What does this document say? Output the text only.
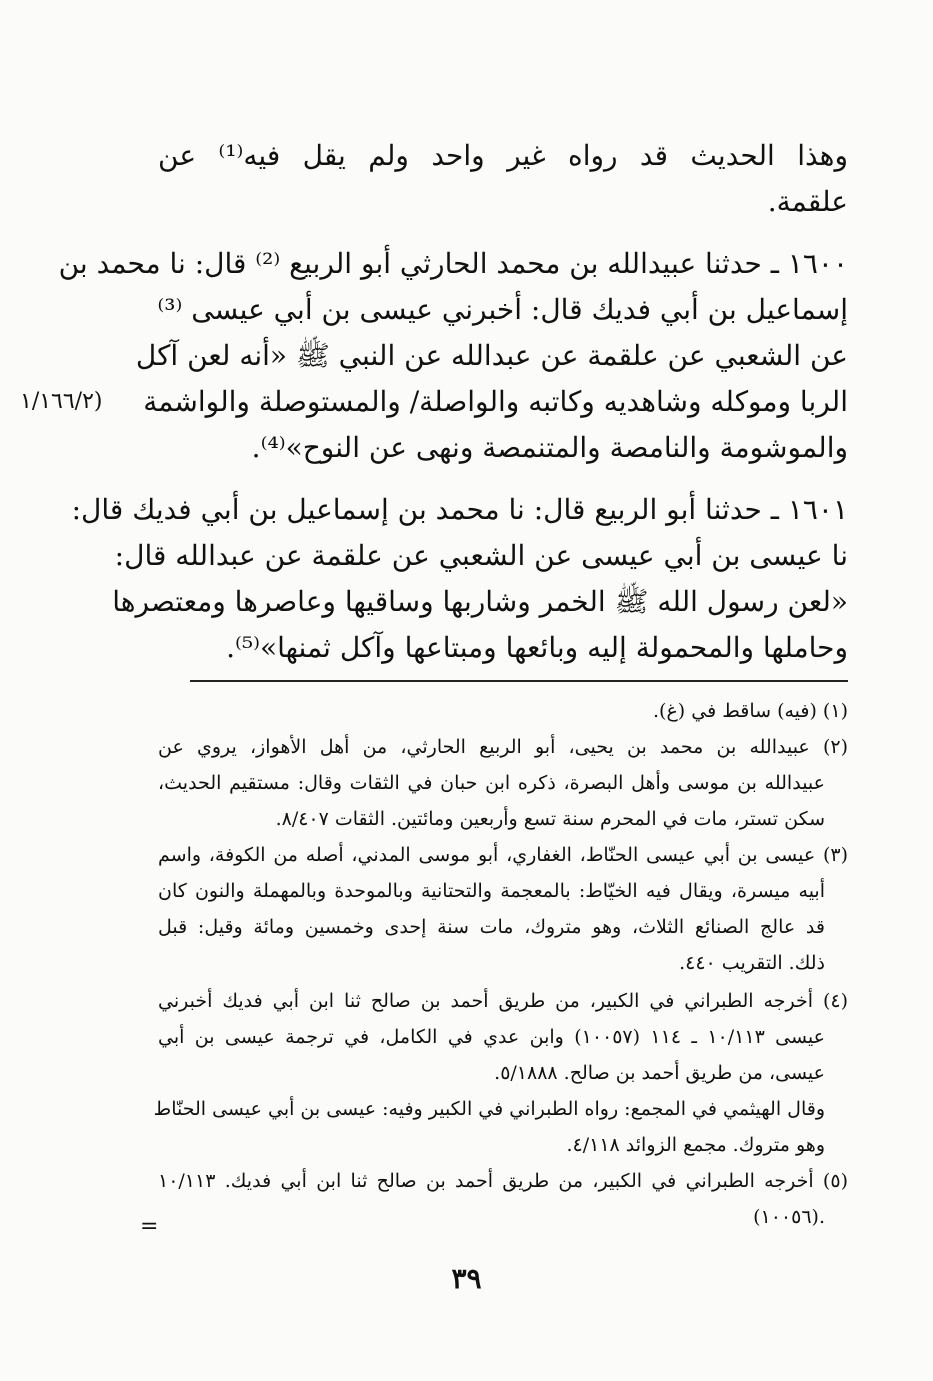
وهذا الحديث قد رواه غير واحد ولم يقل فيه⁽¹⁾ عن
علقمة.
١٦٠٠ ـ حدثنا عبيدالله بن محمد الحارثي أبو الربيع ⁽²⁾ قال: نا محمد بن
إسماعيل بن أبي فديك قال: أخبرني عيسى بن أبي عيسى ⁽³⁾
عن الشعبي عن علقمة عن عبدالله عن النبي ﷺ «أنه لعن آكل
الربا وموكله وشاهديه وكاتبه والواصلة/ والمستوصلة والواشمة
(١/١٦٦/٢
والموشومة والنامصة والمتنمصة ونهى عن النوح»⁽⁴⁾.
١٦٠١ ـ حدثنا أبو الربيع قال: نا محمد بن إسماعيل بن أبي فديك قال:
نا عيسى بن أبي عيسى عن الشعبي عن علقمة عن عبدالله قال:
«لعن رسول الله ﷺ الخمر وشاربها وساقيها وعاصرها ومعتصرها
وحاملها والمحمولة إليه وبائعها ومبتاعها وآكل ثمنها»⁽⁵⁾.
(١) (فيه) ساقط في (غ).
(٢) عبيدالله بن محمد بن يحيى، أبو الربيع الحارثي، من أهل الأهواز، يروي عن
عبيدالله بن موسى وأهل البصرة، ذكره ابن حبان في الثقات وقال: مستقيم الحديث،
سكن تستر، مات في المحرم سنة تسع وأربعين ومائتين. الثقات ٨/٤٠٧.
(٣) عيسى بن أبي عيسى الحنّاط، الغفاري، أبو موسى المدني، أصله من الكوفة، واسم
أبيه ميسرة، ويقال فيه الخيّاط: بالمعجمة والتحتانية وبالموحدة وبالمهملة والنون كان
قد عالج الصنائع الثلاث، وهو متروك، مات سنة إحدى وخمسين ومائة وقيل: قبل
ذلك. التقريب ٤٤٠.
(٤) أخرجه الطبراني في الكبير، من طريق أحمد بن صالح ثنا ابن أبي فديك أخبرني
عيسى ١٠/١١٣ ـ ١١٤ (١٠٠٥٧) وابن عدي في الكامل، في ترجمة عيسى بن أبي
عيسى، من طريق أحمد بن صالح. ٥/١٨٨٨.
وقال الهيثمي في المجمع: رواه الطبراني في الكبير وفيه: عيسى بن أبي عيسى الحنّاط
وهو متروك. مجمع الزوائد ٤/١١٨.
(٥) أخرجه الطبراني في الكبير، من طريق أحمد بن صالح ثنا ابن أبي فديك. ١٠/١١٣
(١٠٠٥٦).
=
٣٩
